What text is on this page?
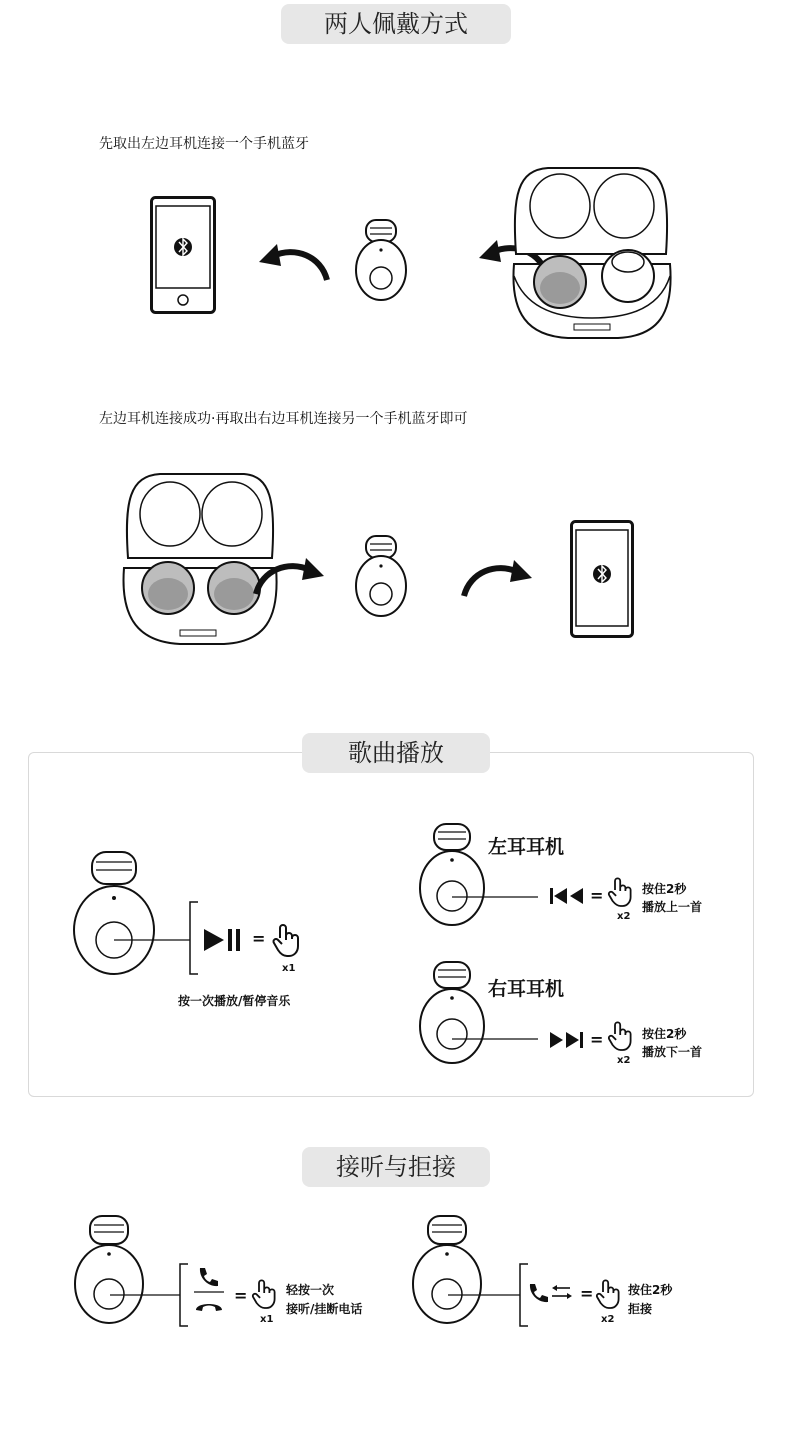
两人佩戴方式
先取出左边耳机连接一个手机蓝牙
左边耳机连接成功·再取出右边耳机连接另一个手机蓝牙即可
歌曲播放
=
x1
按一次播放/暂停音乐
左耳耳机
=
x2
按住2秒
播放上一首
右耳耳机
=
x2
按住2秒
播放下一首
接听与拒接
=
x1
轻按一次
接听/挂断电话
=
x2
按住2秒
拒接
